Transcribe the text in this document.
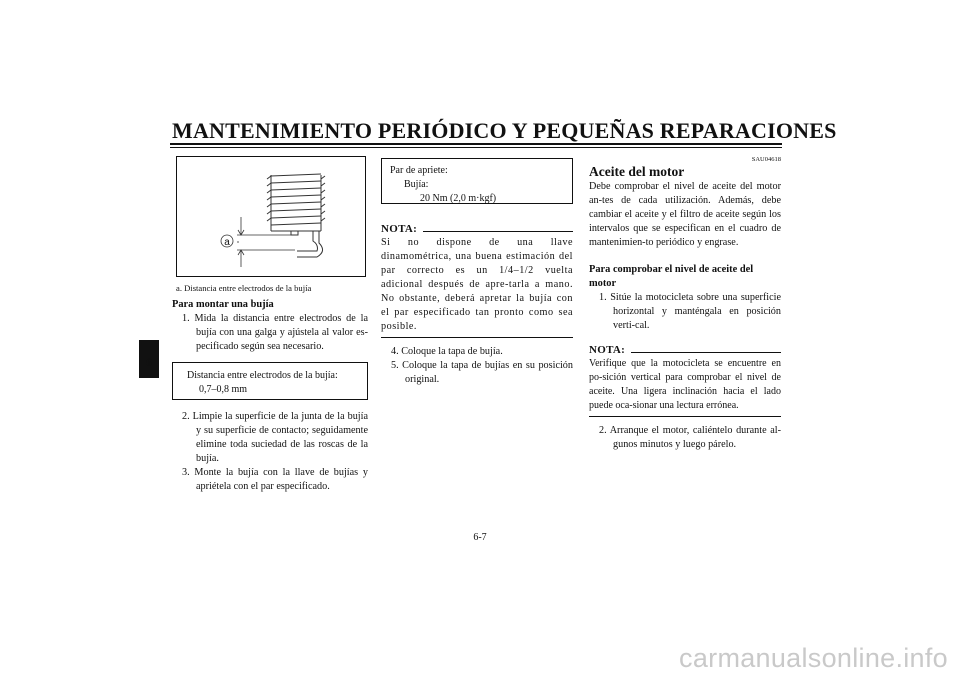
MANTENIMIENTO PERIÓDICO Y PEQUEÑAS REPARACIONES
6
a
a. Distancia entre electrodos de la bujía

Para montar una bujía

1. Mida la distancia entre electrodos de la bujía con una galga y ajústela al valor es-pecificado según sea necesario.

Distancia entre electrodos de la bujía:

0,7–0,8 mm

2. Limpie la superficie de la junta de la bujía y su superficie de contacto; seguidamente elimine toda suciedad de las roscas de la bujía.

3. Monte la bujía con la llave de bujías y apriétela con el par especificado.

Par de apriete:

Bujía:

20 Nm (2,0 m·kgf)

NOTA:

Si no dispone de una llave dinamométrica, una buena estimación del par correcto es un 1/4–1/2 vuelta adicional después de apre-tarla a mano. No obstante, deberá apretar la bujía con el par especificado tan pronto como sea posible.

4. Coloque la tapa de bujía.

5. Coloque la tapa de bujías en su posición original.

SAU04618

Aceite del motor

Debe comprobar el nivel de aceite del motor an-tes de cada utilización. Además, debe cambiar el aceite y el filtro de aceite según los intervalos que se especifican en el cuadro de mantenimien-to periódico y engrase.

Para comprobar el nivel de aceite del motor

1. Sitúe la motocicleta sobre una superficie horizontal y manténgala en posición verti-cal.

NOTA:

Verifique que la motocicleta se encuentre en po-sición vertical para comprobar el nivel de aceite. Una ligera inclinación hacia el lado puede oca-sionar una lectura errónea.

2. Arranque el motor, caliéntelo durante al-gunos minutos y luego párelo.

6-7
carmanualsonline.info
